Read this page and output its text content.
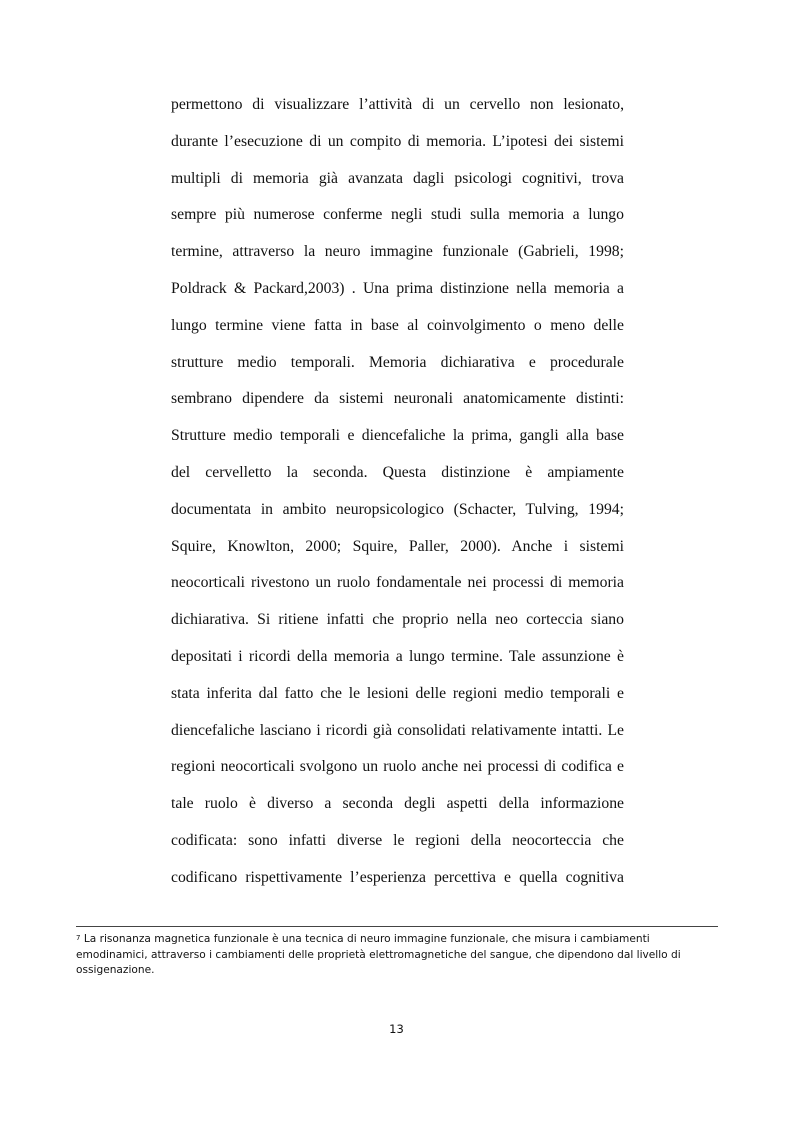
permettono di visualizzare l’attività di un cervello non lesionato,
durante l’esecuzione di un compito di memoria. L’ipotesi dei sistemi
multipli di memoria già avanzata dagli psicologi cognitivi, trova
sempre più numerose conferme negli studi sulla memoria a lungo
termine, attraverso la neuro immagine funzionale (Gabrieli, 1998;
Poldrack & Packard,2003) . Una prima distinzione nella memoria a
lungo termine viene fatta in base al coinvolgimento o meno delle
strutture medio temporali. Memoria dichiarativa e procedurale
sembrano dipendere da sistemi neuronali anatomicamente distinti:
Strutture medio temporali e diencefaliche la prima, gangli alla base
del cervelletto la seconda. Questa distinzione è ampiamente
documentata in ambito neuropsicologico (Schacter, Tulving, 1994;
Squire, Knowlton, 2000; Squire, Paller, 2000). Anche i sistemi
neocorticali rivestono un ruolo fondamentale nei processi di memoria
dichiarativa. Si ritiene infatti che proprio nella neo corteccia siano
depositati i ricordi della memoria a lungo termine. Tale assunzione è
stata inferita dal fatto che le lesioni delle regioni medio temporali e
diencefaliche lasciano i ricordi già consolidati relativamente intatti. Le
regioni neocorticali svolgono un ruolo anche nei processi di codifica e
tale ruolo è diverso a seconda degli aspetti della informazione
codificata: sono infatti diverse le regioni della neocorteccia che
codificano rispettivamente l’esperienza percettiva e quella cognitiva
$^7$ La risonanza magnetica funzionale è una tecnica di neuro immagine funzionale, che misura i cambiamenti emodinamici, attraverso i cambiamenti delle proprietà elettromagnetiche del sangue, che dipendono dal livello di ossigenazione.
13
